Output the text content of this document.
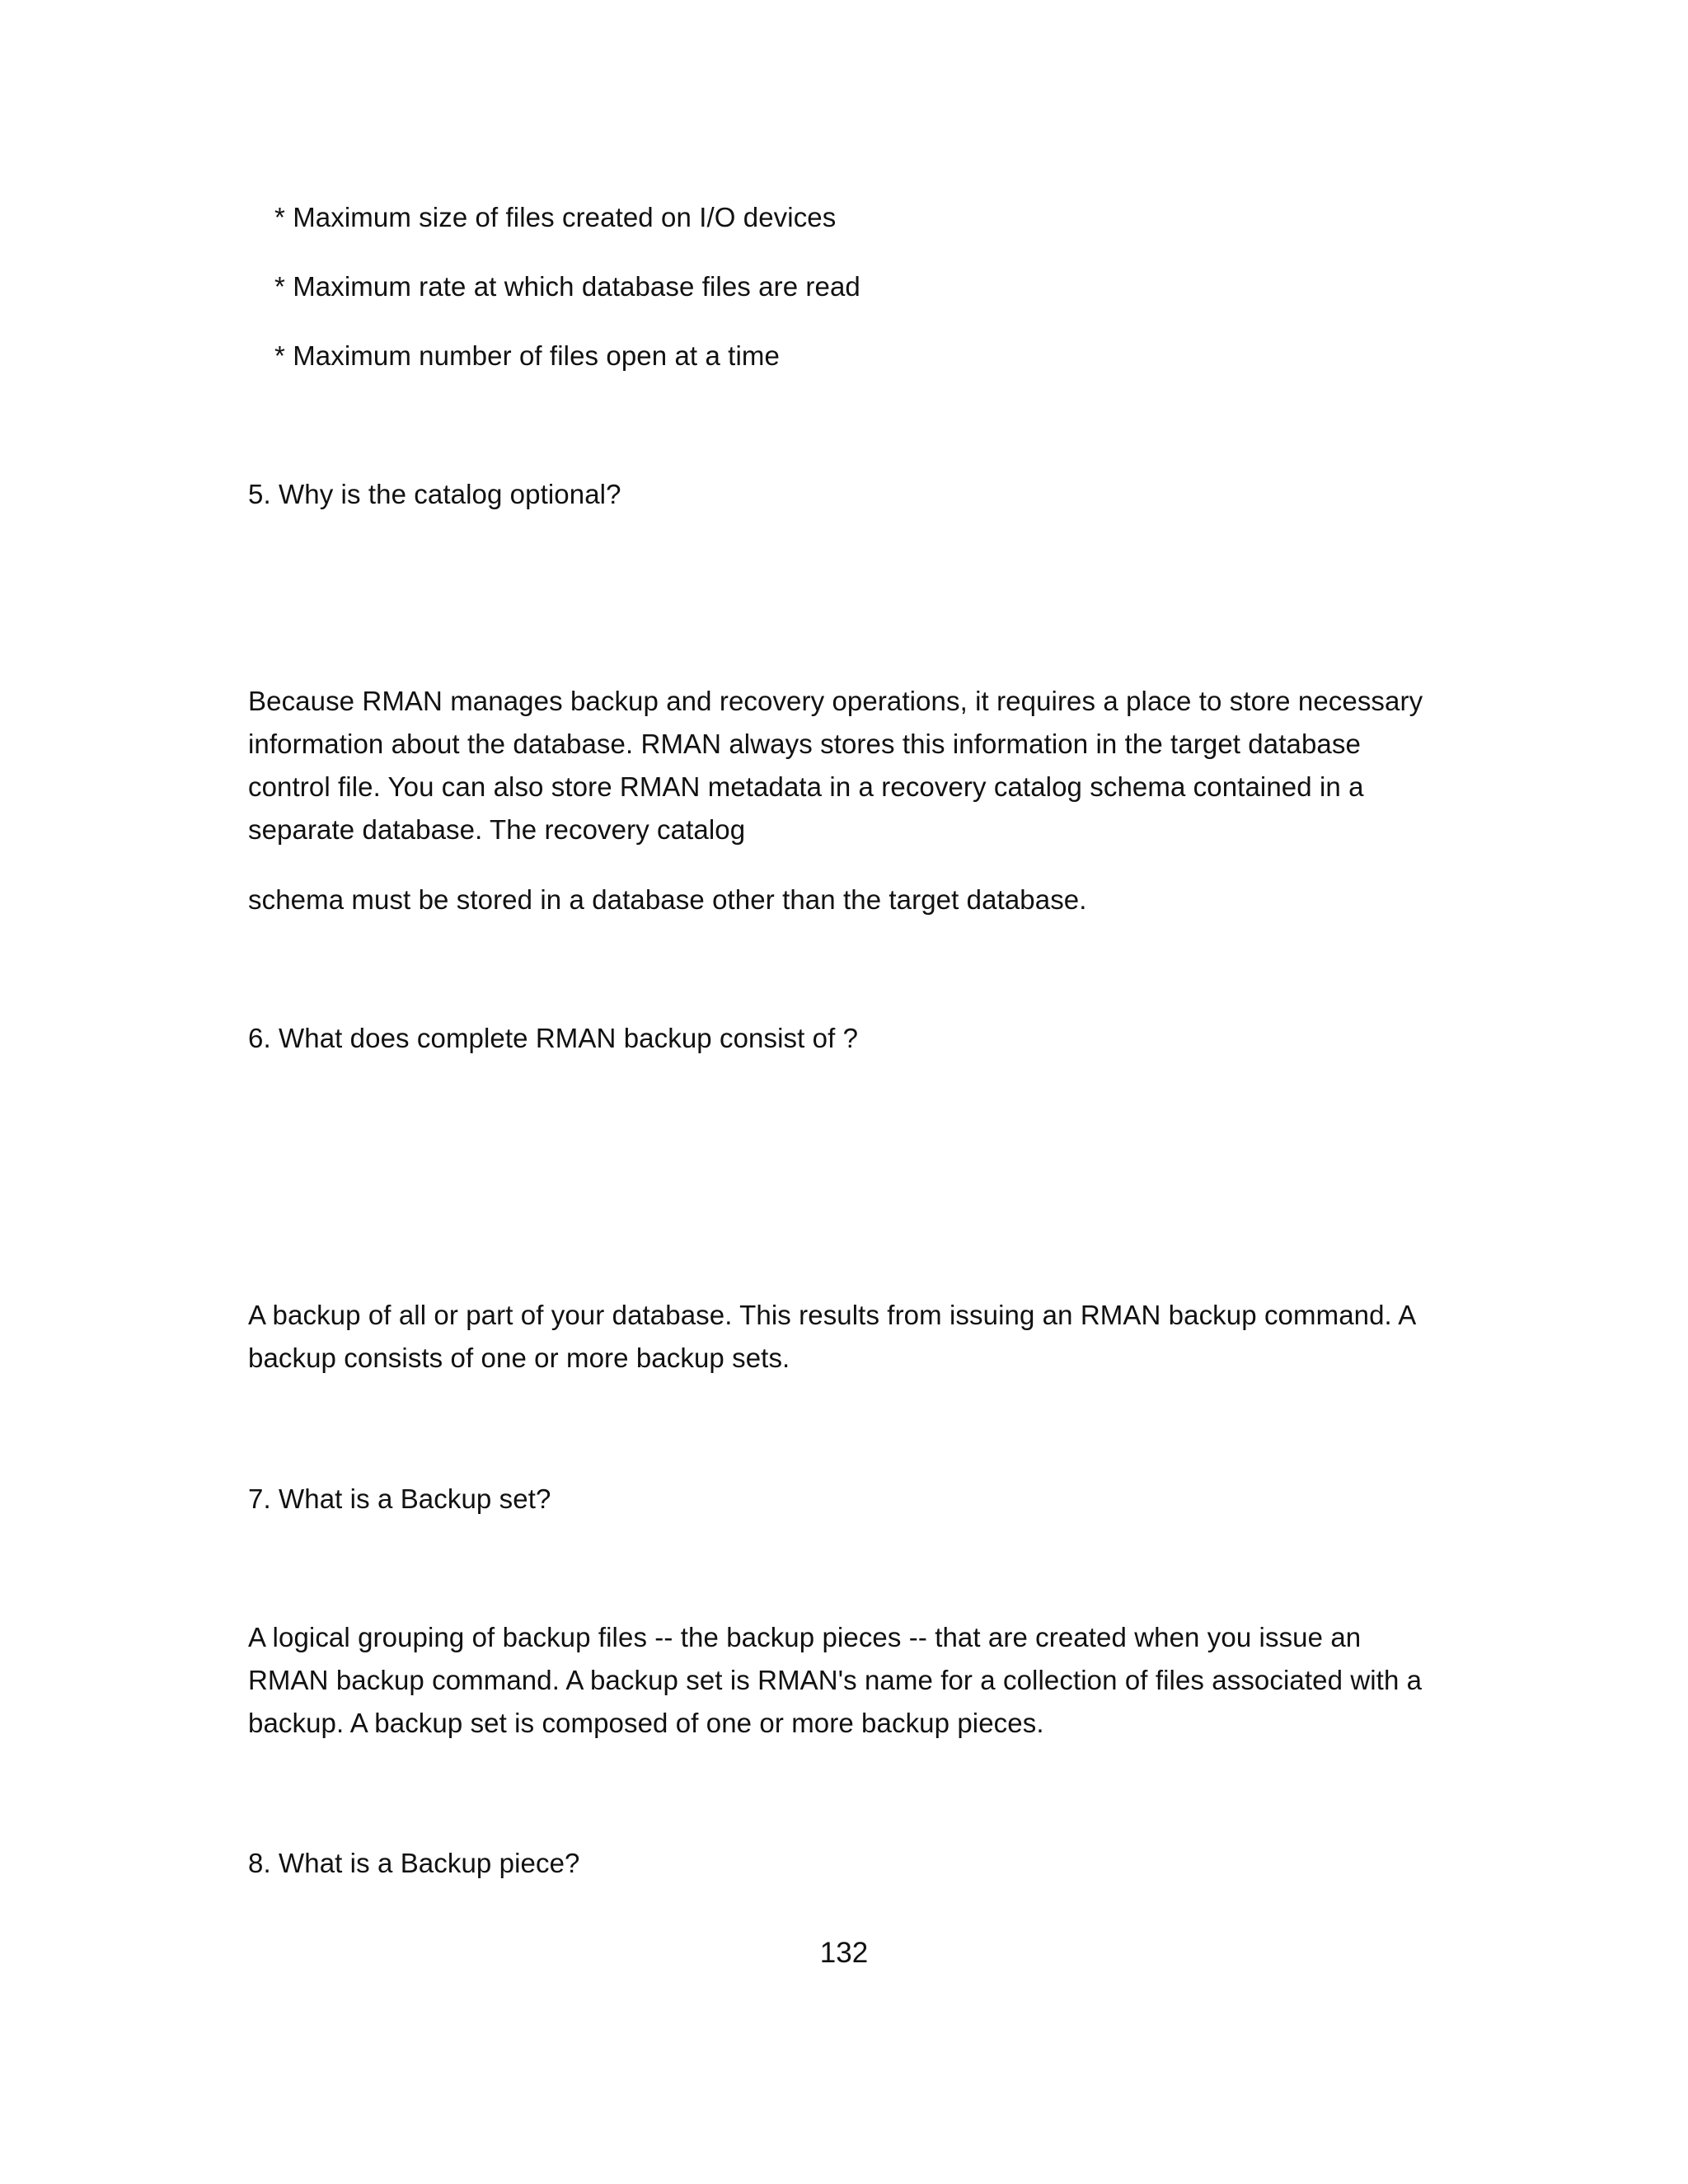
* Maximum size of files created on I/O devices
* Maximum rate at which database files are read
* Maximum number of files open at a time
5. Why is the catalog optional?
Because RMAN manages backup and recovery operations, it requires a place to store necessary
information about the database. RMAN always stores this information in the target database
control file. You can also store RMAN metadata in a recovery catalog schema contained in a
separate database. The recovery catalog
schema must be stored in a database other than the target database.
6. What does complete RMAN backup consist of ?
A backup of all or part of your database. This results from issuing an RMAN backup command. A
backup consists of one or more backup sets.
7. What is a Backup set?
A logical grouping of backup files -- the backup pieces -- that are created when you issue an
RMAN backup command. A backup set is RMAN's name for a collection of files associated with a
backup. A backup set is composed of one or more backup pieces.
8. What is a Backup piece?
132
